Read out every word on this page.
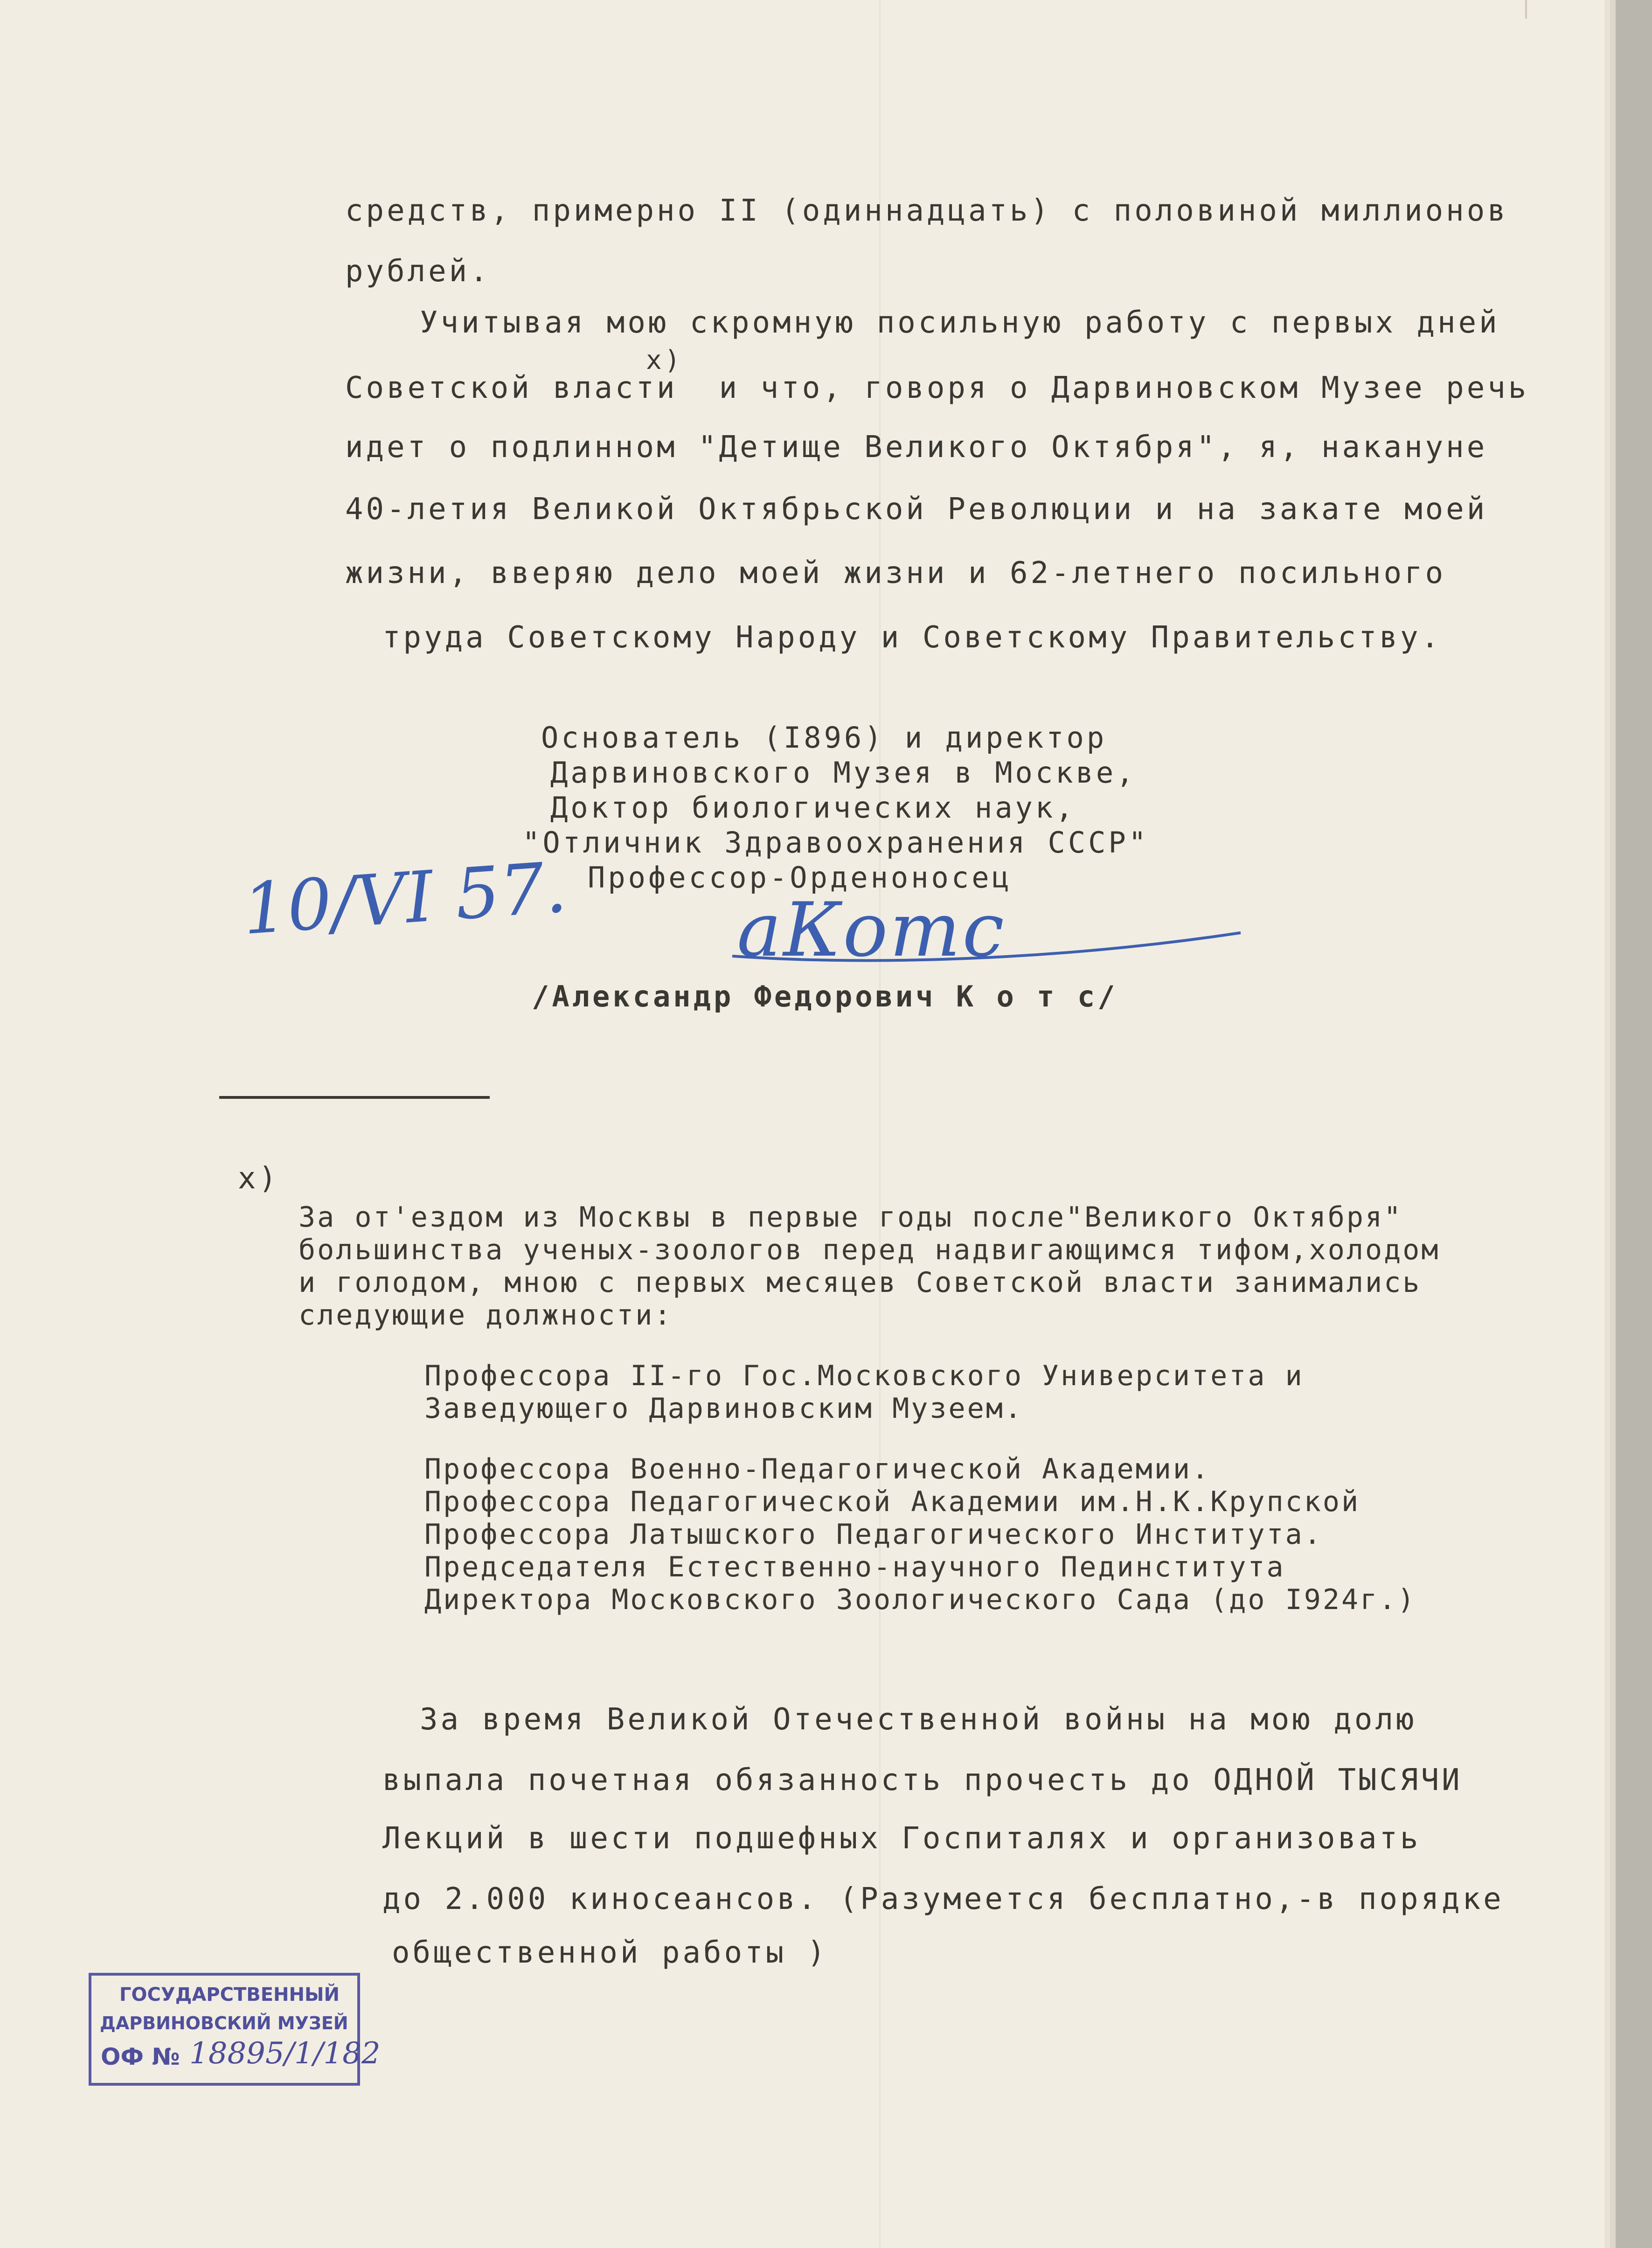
средств, примерно II (одиннадцать) с половиной миллионов
рублей.
Учитывая мою скромную посильную работу с первых дней
x)
Советской власти  и что, говоря о Дарвиновском Музее речь
идет о подлинном "Детище Великого Октября", я, накануне
40-летия Великой Октябрьской Революции и на закате моей
жизни, вверяю дело моей жизни и 62-летнего посильного
труда Советскому Народу и Советскому Правительству.
Основатель (I896) и директор
Дарвиновского Музея в Москве,
Доктор биологических наук,
"Отличник Здравоохранения СССР"
Профессор-Орденоносец
10/VI 57. аКотс
/Александр Федорович К о т с/
x)
За от'ездом из Москвы в первые годы после"Великого Октября"
большинства ученых-зоологов перед надвигающимся тифом,холодом
и голодом, мною с первых месяцев Советской власти занимались
следующие должности:
Профессора II-го Гос.Московского Университета и
Заведующего Дарвиновским Музеем.
Профессора Военно-Педагогической Академии.
Профессора Педагогической Академии им.Н.К.Крупской
Профессора Латышского Педагогического Института.
Председателя Естественно-научного Пединститута
Директора Московского Зоологического Сада (до I924г.)
За время Великой Отечественной войны на мою долю
выпала почетная обязанность прочесть до ОДНОЙ ТЫСЯЧИ
Лекций в шести подшефных Госпиталях и организовать
до 2.000 киносеансов. (Разумеется бесплатно,-в порядке
общественной работы )
ГОСУДАРСТВЕННЫЙ
ДАРВИНОВСКИЙ МУЗЕЙ
ОФ № 18895/1/182
